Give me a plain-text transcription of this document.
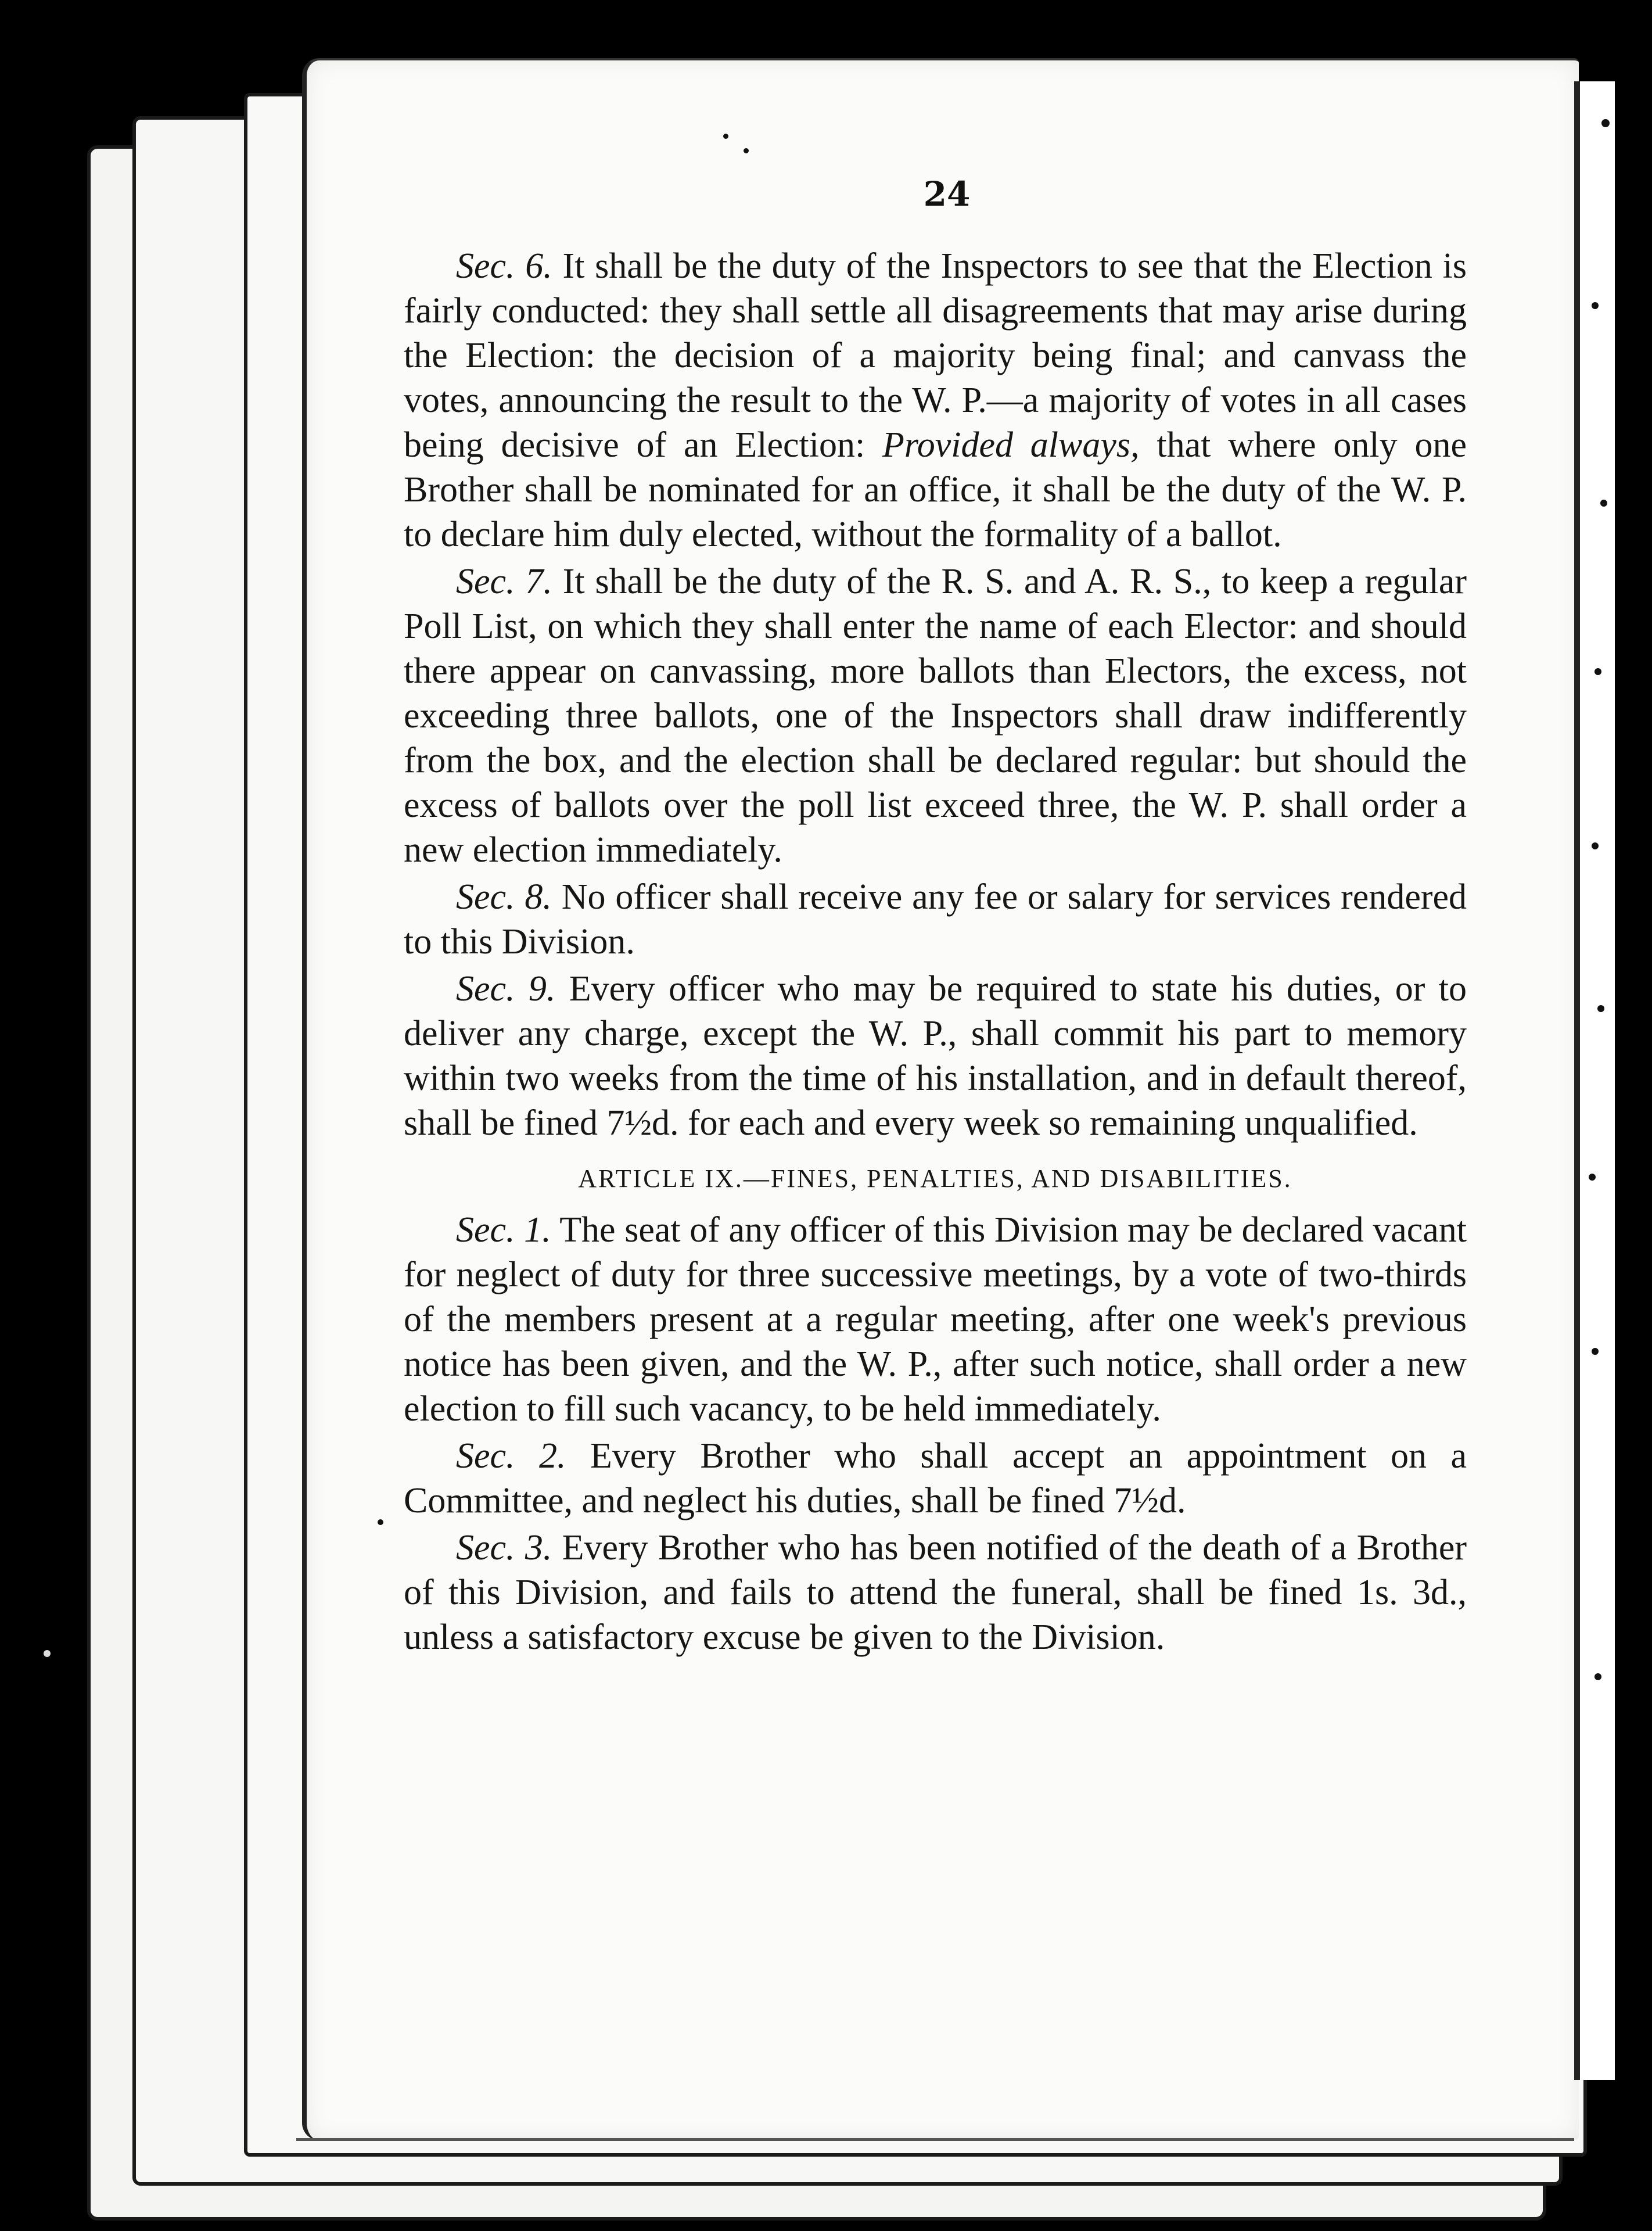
24

Sec. 6. It shall be the duty of the Inspectors to see that the Election is fairly conducted: they shall settle all disagreements that may arise during the Election: the decision of a majority being final; and canvass the votes, announcing the result to the W. P.—a majority of votes in all cases being decisive of an Election: Provided always, that where only one Brother shall be nominated for an office, it shall be the duty of the W. P. to declare him duly elected, without the formality of a ballot.

Sec. 7. It shall be the duty of the R. S. and A. R. S., to keep a regular Poll List, on which they shall enter the name of each Elector: and should there appear on canvassing, more ballots than Electors, the excess, not exceeding three ballots, one of the Inspectors shall draw indifferently from the box, and the election shall be declared regular: but should the excess of ballots over the poll list exceed three, the W. P. shall order a new election immediately.

Sec. 8. No officer shall receive any fee or salary for services rendered to this Division.

Sec. 9. Every officer who may be required to state his duties, or to deliver any charge, except the W. P., shall commit his part to memory within two weeks from the time of his installation, and in default thereof, shall be fined 7½d. for each and every week so remaining unqualified.

ARTICLE IX.—FINES, PENALTIES, AND DISABILITIES.

Sec. 1. The seat of any officer of this Division may be declared vacant for neglect of duty for three successive meetings, by a vote of two-thirds of the members present at a regular meeting, after one week's previous notice has been given, and the W. P., after such notice, shall order a new election to fill such vacancy, to be held immediately.

Sec. 2. Every Brother who shall accept an appointment on a Committee, and neglect his duties, shall be fined 7½d.

Sec. 3. Every Brother who has been notified of the death of a Brother of this Division, and fails to attend the funeral, shall be fined 1s. 3d., unless a satisfactory excuse be given to the Division.
